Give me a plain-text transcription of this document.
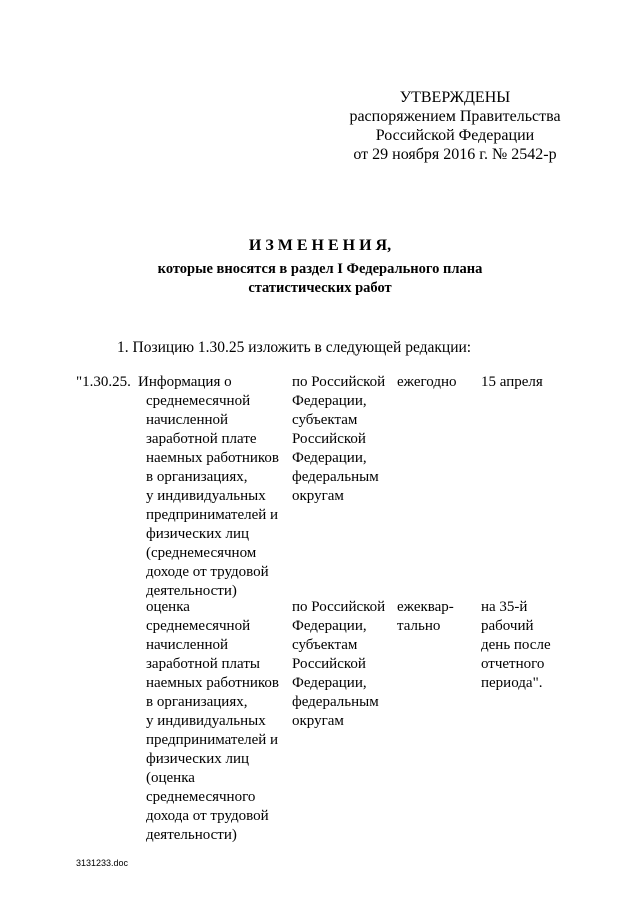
УТВЕРЖДЕНЫ
распоряжением Правительства
Российской Федерации
от 29 ноября 2016 г. № 2542-р
И З М Е Н Е Н И Я,
которые вносятся в раздел I Федерального плана
статистических работ
1. Позицию 1.30.25 изложить в следующей редакции:
"1.30.25. Информация о
среднемесячной
начисленной
заработной плате
наемных работников
в организациях,
у индивидуальных
предпринимателей и
физических лиц
(среднемесячном
доходе от трудовой
деятельности)
по Российской
Федерации,
субъектам
Российской
Федерации,
федеральным
округам
ежегодно 15 апреля
оценка
среднемесячной
начисленной
заработной платы
наемных работников
в организациях,
у индивидуальных
предпринимателей и
физических лиц
(оценка
среднемесячного
дохода от трудовой
деятельности)
по Российской
Федерации,
субъектам
Российской
Федерации,
федеральным
округам
ежеквар-
тально
на 35-й
рабочий
день после
отчетного
периода".
3131233.doc
